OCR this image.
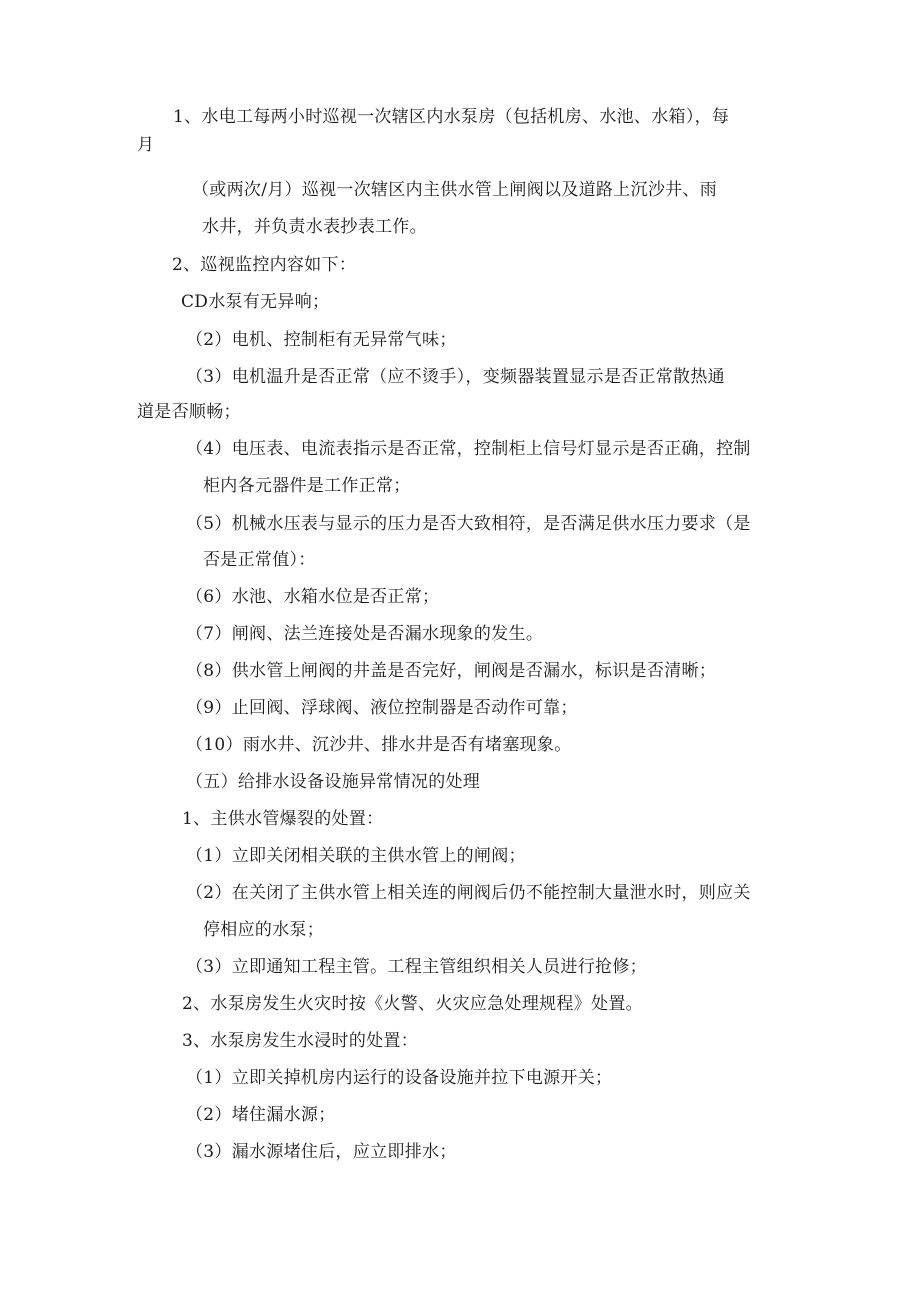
1、水电工每两小时巡视一次辖区内水泵房（包括机房、水池、水箱），每
月
（或两次/月）巡视一次辖区内主供水管上闸阀以及道路上沉沙井、雨
水井，并负责水表抄表工作。
2、巡视监控内容如下：
CD水泵有无异响；
（2）电机、控制柜有无异常气味；
（3）电机温升是否正常（应不烫手），变频器装置显示是否正常散热通
道是否顺畅；
（4）电压表、电流表指示是否正常，控制柜上信号灯显示是否正确，控制
柜内各元器件是工作正常；
（5）机械水压表与显示的压力是否大致相符，是否满足供水压力要求（是
否是正常值）：
（6）水池、水箱水位是否正常；
（7）闸阀、法兰连接处是否漏水现象的发生。
（8）供水管上闸阀的井盖是否完好，闸阀是否漏水，标识是否清晰；
（9）止回阀、浮球阀、液位控制器是否动作可靠；
（10）雨水井、沉沙井、排水井是否有堵塞现象。
（五）给排水设备设施异常情况的处理
1、主供水管爆裂的处置：
（1）立即关闭相关联的主供水管上的闸阀；
（2）在关闭了主供水管上相关连的闸阀后仍不能控制大量泄水时，则应关
停相应的水泵；
（3）立即通知工程主管。工程主管组织相关人员进行抢修；
2、水泵房发生火灾时按《火警、火灾应急处理规程》处置。
3、水泵房发生水浸时的处置：
（1）立即关掉机房内运行的设备设施并拉下电源开关；
（2）堵住漏水源；
（3）漏水源堵住后，应立即排水；
